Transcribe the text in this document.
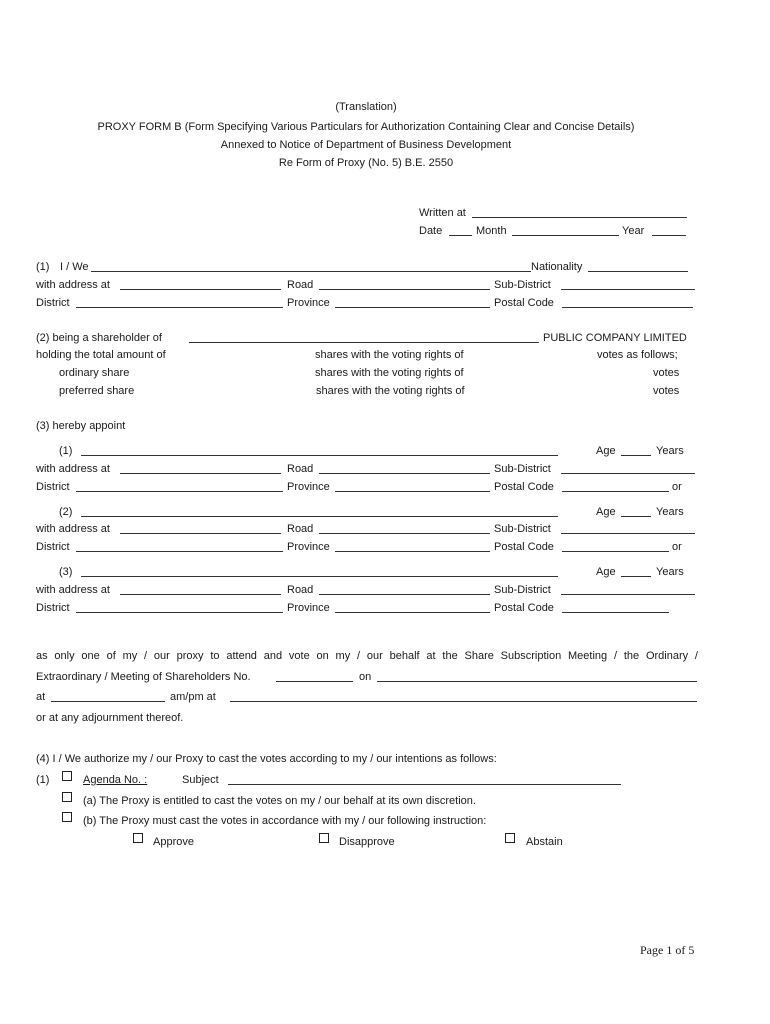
(Translation)
PROXY FORM B (Form Specifying Various Particulars for Authorization Containing Clear and Concise Details)
Annexed to Notice of Department of Business Development
Re Form of Proxy (No. 5) B.E. 2550
Written at
Date	Month	Year
(1) I / We	Nationality
with address at	Road	Sub-District
District	Province	Postal Code
(2) being a shareholder of	PUBLIC COMPANY LIMITED
holding the total amount of	shares with the voting rights of	votes as follows;
ordinary share	shares with the voting rights of	votes
preferred share	shares with the voting rights of	votes
(3) hereby appoint
(1)	Age	Years
with address at	Road	Sub-District
District	Province	Postal Code	or
(2)	Age	Years
with address at	Road	Sub-District
District	Province	Postal Code	or
(3)	Age	Years
with address at	Road	Sub-District
District	Province	Postal Code
as only one of my / our proxy to attend and vote on my / our behalf at the Share Subscription Meeting / the Ordinary /
Extraordinary / Meeting of Shareholders No.	on
at	am/pm at
or at any adjournment thereof.
(4) I / We authorize my / our Proxy to cast the votes according to my / our intentions as follows:
(1)	Agenda No. :	Subject
(a) The Proxy is entitled to cast the votes on my / our behalf at its own discretion.
(b) The Proxy must cast the votes in accordance with my / our following instruction:
Approve	Disapprove	Abstain
Page 1 of 5
